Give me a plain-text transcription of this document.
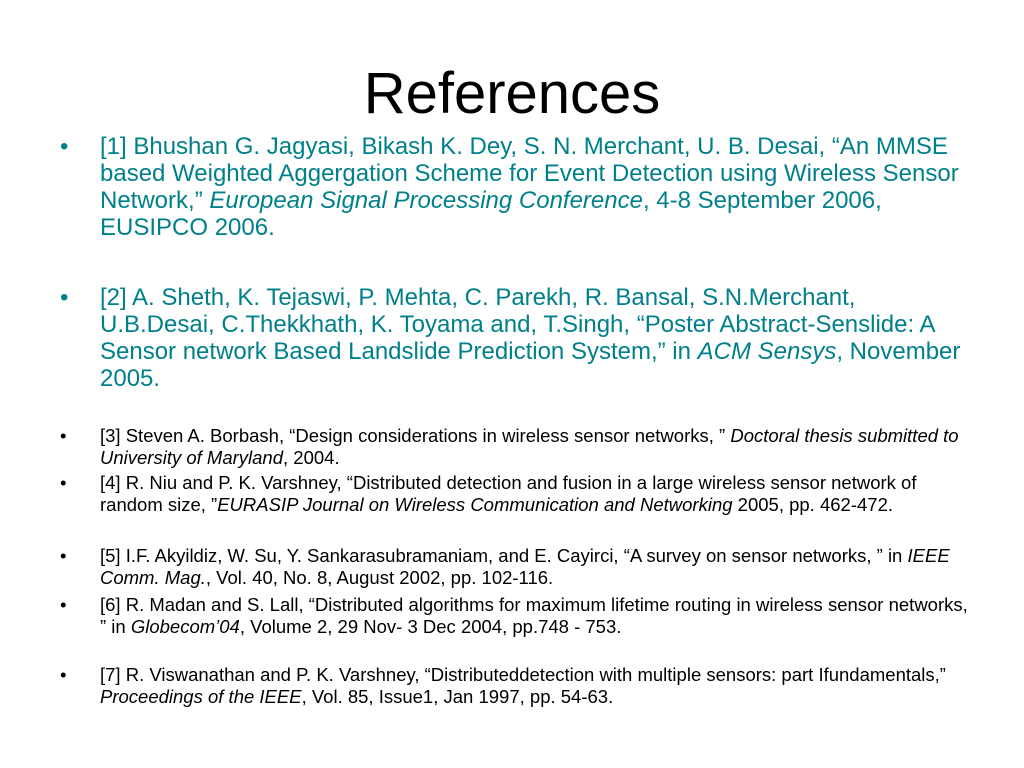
References
• [1] Bhushan G. Jagyasi, Bikash K. Dey, S. N. Merchant, U. B. Desai, “An MMSE based Weighted Aggergation Scheme for Event Detection using Wireless Sensor Network,” European Signal Processing Conference, 4-8 September 2006, EUSIPCO 2006.
• [2] A. Sheth, K. Tejaswi, P. Mehta, C. Parekh, R. Bansal, S.N.Merchant, U.B.Desai, C.Thekkhath, K. Toyama and, T.Singh, “Poster Abstract-Senslide: A Sensor network Based Landslide Prediction System,” in ACM Sensys, November 2005.
• [3] Steven A. Borbash, “Design considerations in wireless sensor networks, ” Doctoral thesis submitted to University of Maryland, 2004.
• [4] R. Niu and P. K. Varshney, “Distributed detection and fusion in a large wireless sensor network of random size, ”EURASIP Journal on Wireless Communication and Networking 2005, pp. 462-472.
• [5] I.F. Akyildiz, W. Su, Y. Sankarasubramaniam, and E. Cayirci, “A survey on sensor networks, ” in IEEE Comm. Mag., Vol. 40, No. 8, August 2002, pp. 102-116.
• [6] R. Madan and S. Lall, “Distributed algorithms for maximum lifetime routing in wireless sensor networks, ” in Globecom’04, Volume 2, 29 Nov- 3 Dec 2004, pp.748 - 753.
• [7] R. Viswanathan and P. K. Varshney, “Distributeddetection with multiple sensors: part Ifundamentals,” Proceedings of the IEEE, Vol. 85, Issue1, Jan 1997, pp. 54-63.
